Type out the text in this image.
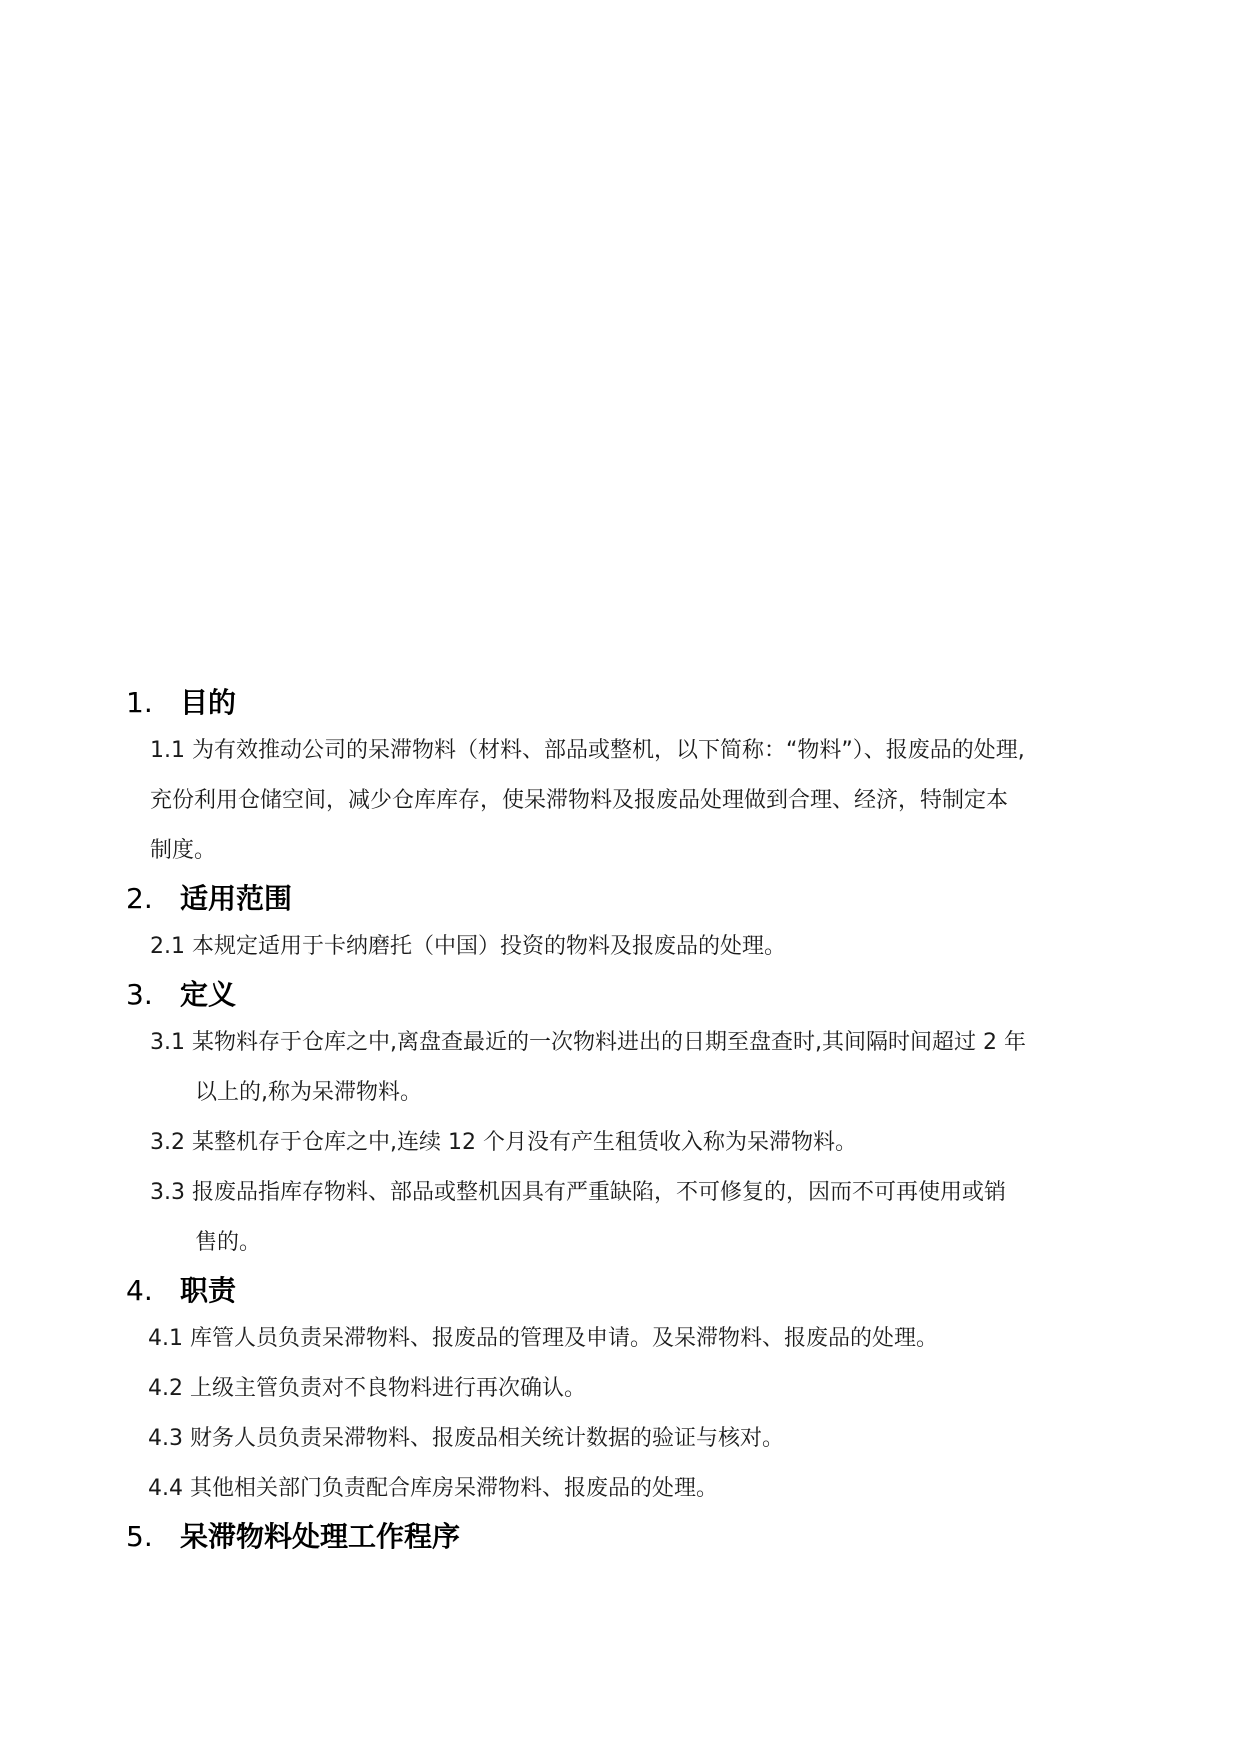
1. 目的
1.1 为有效推动公司的呆滞物料（材料、部品或整机，以下简称：“物料”）、报废品的处理,
充份利用仓储空间，减少仓库库存，使呆滞物料及报废品处理做到合理、经济，特制定本
制度。
2. 适用范围
2.1 本规定适用于卡纳磨托（中国）投资的物料及报废品的处理。
3. 定义
3.1 某物料存于仓库之中,离盘查最近的一次物料进出的日期至盘查时,其间隔时间超过 2 年
以上的,称为呆滞物料。
3.2 某整机存于仓库之中,连续 12 个月没有产生租赁收入称为呆滞物料。
3.3 报废品指库存物料、部品或整机因具有严重缺陷，不可修复的，因而不可再使用或销
售的。
4. 职责
4.1 库管人员负责呆滞物料、报废品的管理及申请。及呆滞物料、报废品的处理。
4.2 上级主管负责对不良物料进行再次确认。
4.3 财务人员负责呆滞物料、报废品相关统计数据的验证与核对。
4.4 其他相关部门负责配合库房呆滞物料、报废品的处理。
5. 呆滞物料处理工作程序
